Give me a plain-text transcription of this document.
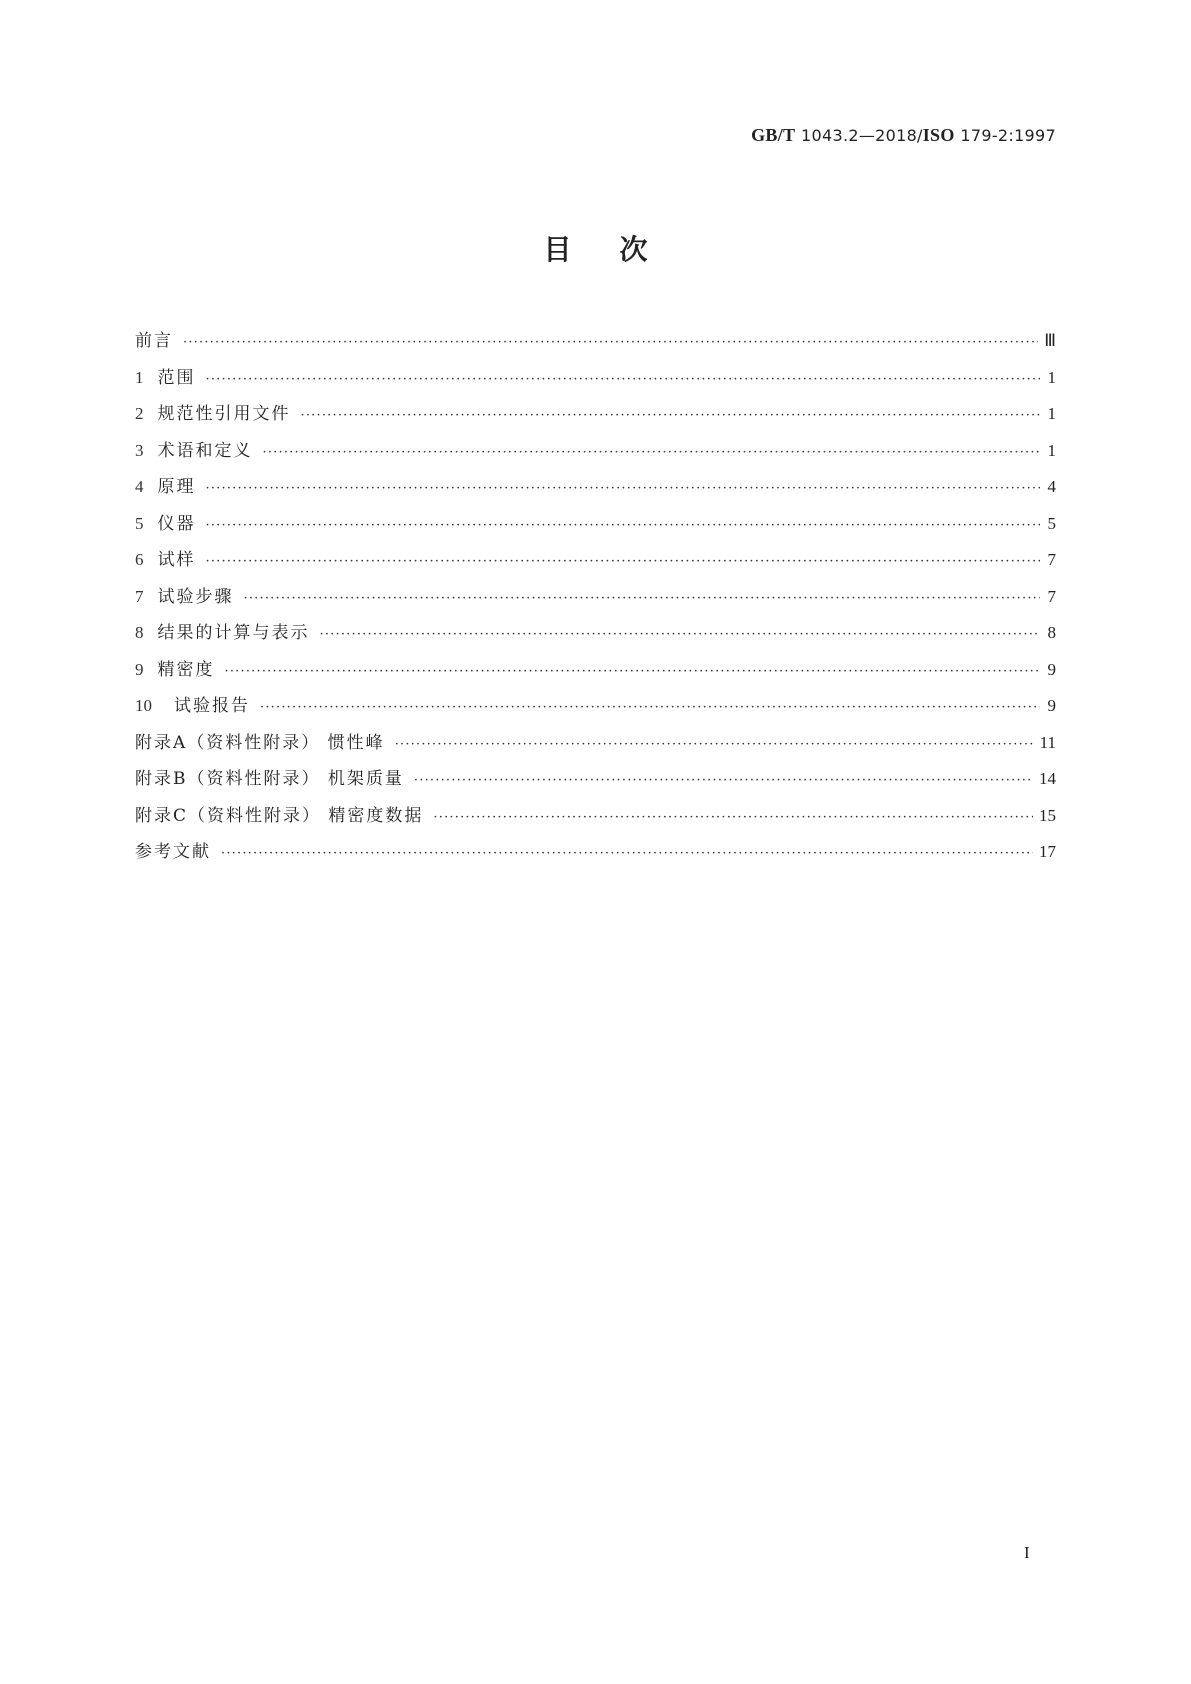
GB/T 1043.2—2018/ISO 179-2:1997
目次
前言 ·····	Ⅲ
1 范围 ·····	1
2 规范性引用文件 ·····	1
3 术语和定义 ·····	1
4 原理 ·····	4
5 仪器 ·····	5
6 试样 ·····	7
7 试验步骤 ·····	7
8 结果的计算与表示 ·····	8
9 精密度 ·····	9
10 试验报告 ·····	9
附录A（资料性附录） 惯性峰 ·····	11
附录B（资料性附录） 机架质量 ·····	14
附录C（资料性附录） 精密度数据 ·····	15
参考文献 ·····	17
I
